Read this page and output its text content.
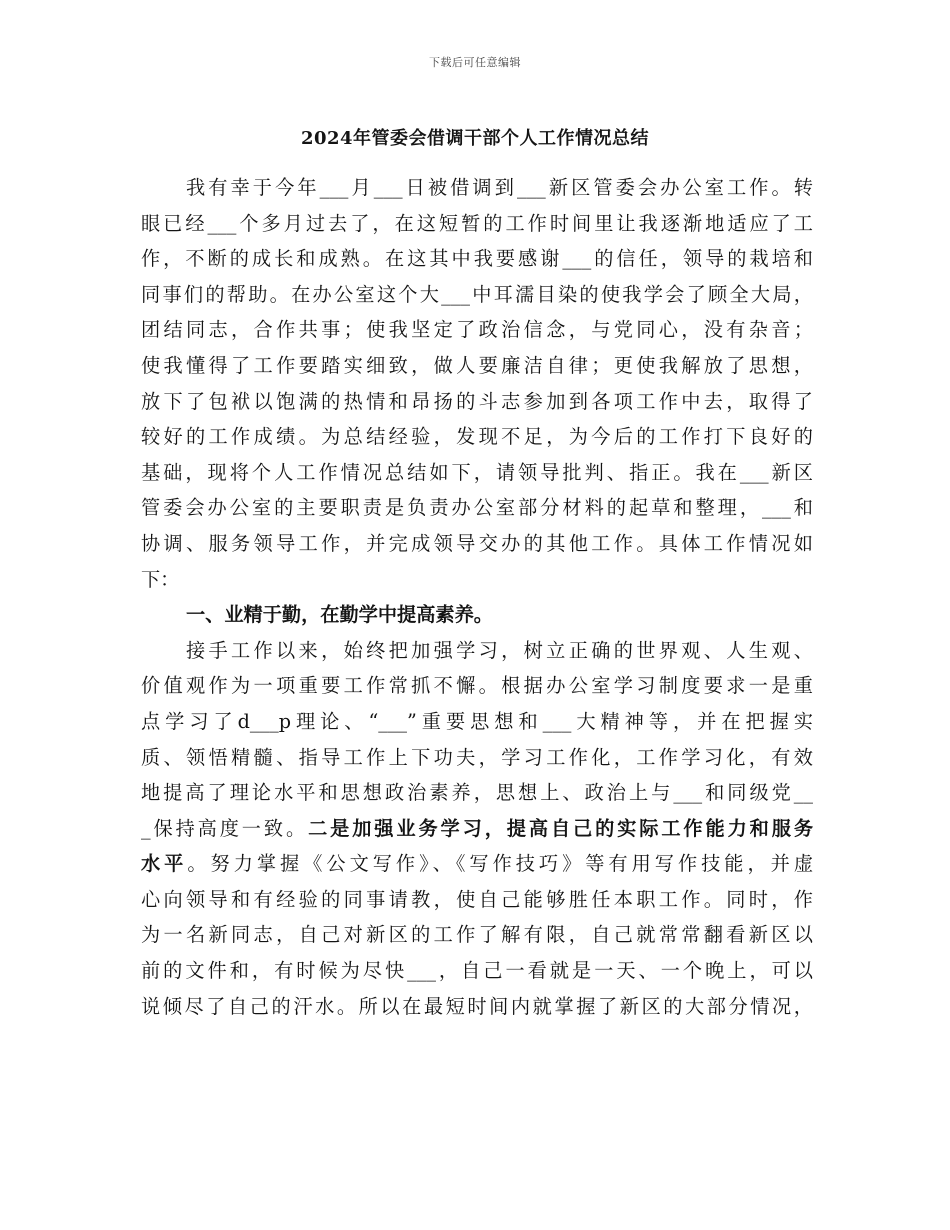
下载后可任意编辑
2024年管委会借调干部个人工作情况总结
我有幸于今年___月___日被借调到___新区管委会办公室工作。转
眼已经___个多月过去了，在这短暂的工作时间里让我逐渐地适应了工
作，不断的成长和成熟。在这其中我要感谢___的信任，领导的栽培和
同事们的帮助。在办公室这个大___中耳濡目染的使我学会了顾全大局，
团结同志，合作共事；使我坚定了政治信念，与党同心，没有杂音；
使我懂得了工作要踏实细致，做人要廉洁自律；更使我解放了思想，
放下了包袱以饱满的热情和昂扬的斗志参加到各项工作中去，取得了
较好的工作成绩。为总结经验，发现不足，为今后的工作打下良好的
基础，现将个人工作情况总结如下，请领导批判、指正。我在___新区
管委会办公室的主要职责是负责办公室部分材料的起草和整理，___和
协调、服务领导工作，并完成领导交办的其他工作。具体工作情况如
下：
一、业精于勤，在勤学中提高素养。
接手工作以来，始终把加强学习，树立正确的世界观、人生观、
价值观作为一项重要工作常抓不懈。根据办公室学习制度要求一是重
点学习了d___p理论、“___”重要思想和___大精神等，并在把握实
质、领悟精髓、指导工作上下功夫，学习工作化，工作学习化，有效
地提高了理论水平和思想政治素养，思想上、政治上与___和同级党__
_保持高度一致。二是加强业务学习，提高自己的实际工作能力和服务
水平。努力掌握《公文写作》、《写作技巧》等有用写作技能，并虚
心向领导和有经验的同事请教，使自己能够胜任本职工作。同时，作
为一名新同志，自己对新区的工作了解有限，自己就常常翻看新区以
前的文件和，有时候为尽快___，自己一看就是一天、一个晚上，可以
说倾尽了自己的汗水。所以在最短时间内就掌握了新区的大部分情况，
